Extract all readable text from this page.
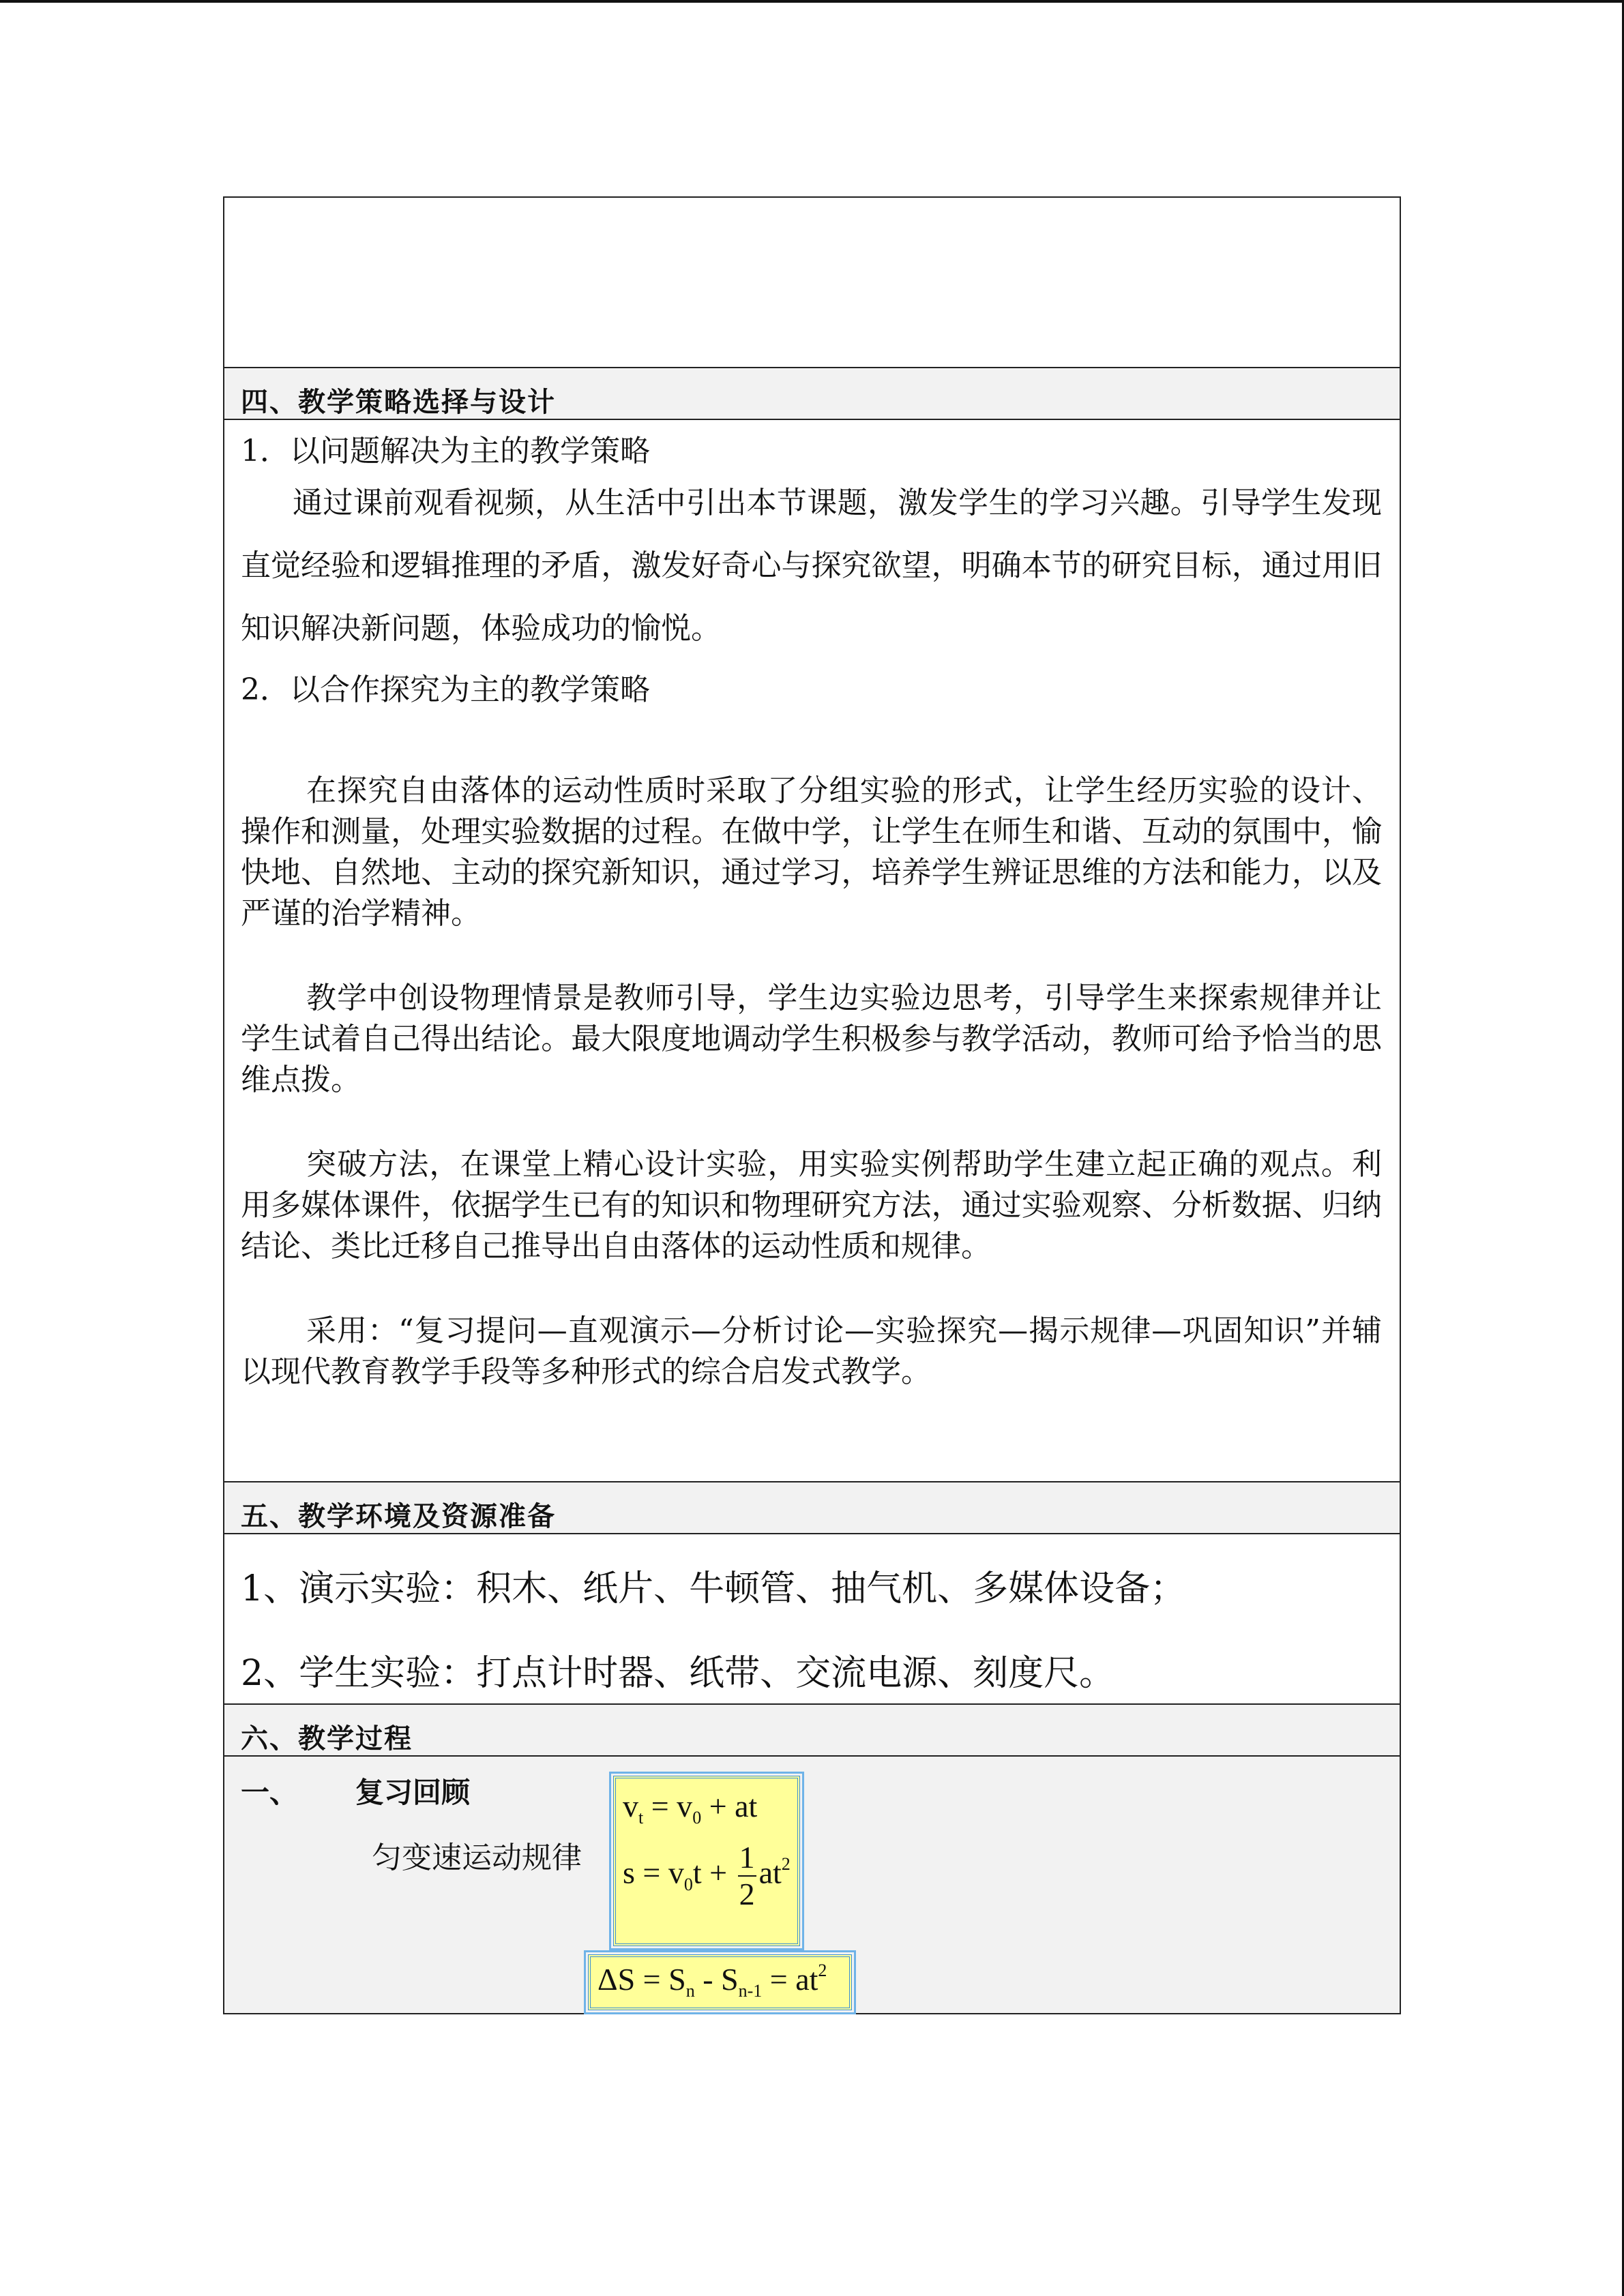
四、教学策略选择与设计

1．以问题解决为主的教学策略

通过课前观看视频，从生活中引出本节课题，激发学生的学习兴趣。引导学生发现直觉经验和逻辑推理的矛盾，激发好奇心与探究欲望，明确本节的研究目标，通过用旧知识解决新问题，体验成功的愉悦。

2．以合作探究为主的教学策略

在探究自由落体的运动性质时采取了分组实验的形式，让学生经历实验的设计、操作和测量，处理实验数据的过程。在做中学，让学生在师生和谐、互动的氛围中，愉快地、自然地、主动的探究新知识，通过学习，培养学生辨证思维的方法和能力，以及严谨的治学精神。

教学中创设物理情景是教师引导，学生边实验边思考，引导学生来探索规律并让学生试着自己得出结论。最大限度地调动学生积极参与教学活动，教师可给予恰当的思维点拨。

突破方法，在课堂上精心设计实验，用实验实例帮助学生建立起正确的观点。利用多媒体课件，依据学生已有的知识和物理研究方法，通过实验观察、分析数据、归纳结论、类比迁移自己推导出自由落体的运动性质和规律。

采用：“复习提问—直观演示—分析讨论—实验探究—揭示规律—巩固知识”并辅以现代教育教学手段等多种形式的综合启发式教学。

五、教学环境及资源准备

1、演示实验：积木、纸片、牛顿管、抽气机、多媒体设备；

2、学生实验：打点计时器、纸带、交流电源、刻度尺。

六、教学过程

一、 复习回顾
匀变速运动规律
$v_t = v_0$ + at
$s = v_0t + \frac{1}{2} at^2$
$\Delta S = S_n - S_{n-1} = at^2$
